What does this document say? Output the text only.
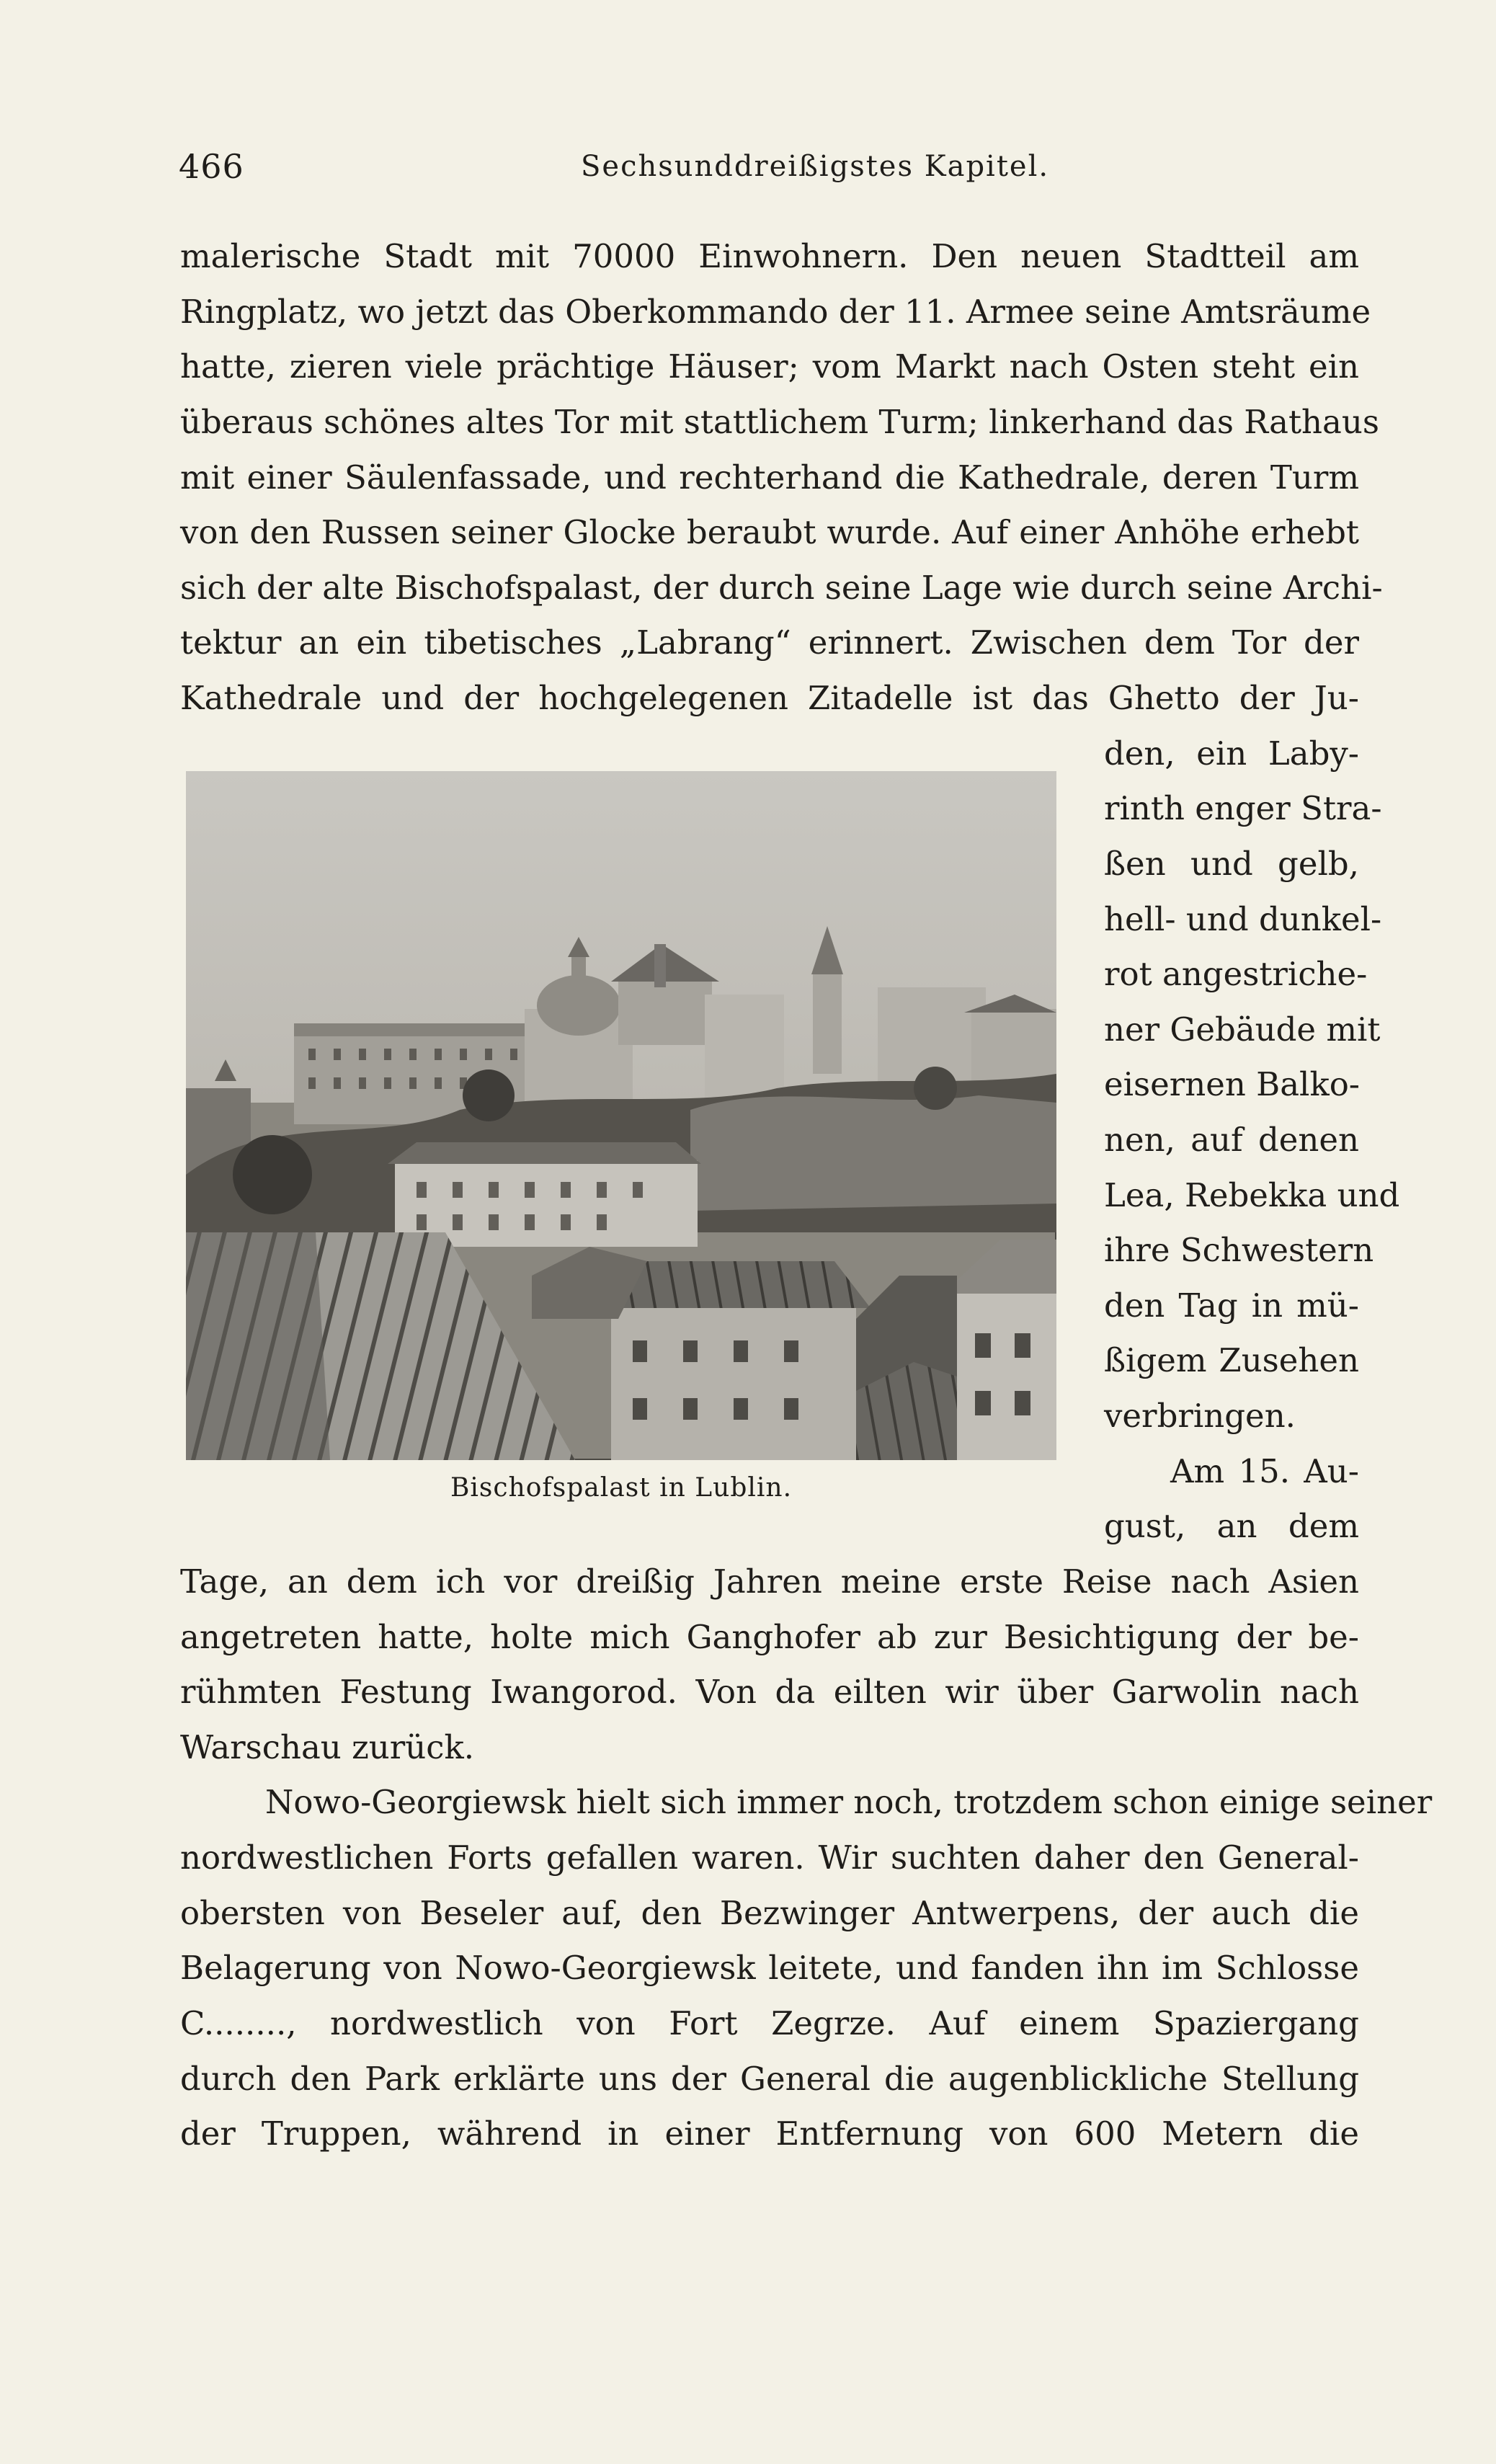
466	Sechsunddreißigstes Kapitel.
malerische Stadt mit 70000 Einwohnern. Den neuen Stadtteil am
Ringplatz, wo jetzt das Oberkommando der 11. Armee seine Amtsräume
hatte, zieren viele prächtige Häuser; vom Markt nach Osten steht ein
überaus schönes altes Tor mit stattlichem Turm; linkerhand das Rathaus
mit einer Säulenfassade, und rechterhand die Kathedrale, deren Turm
von den Russen seiner Glocke beraubt wurde. Auf einer Anhöhe erhebt
sich der alte Bischofspalast, der durch seine Lage wie durch seine Archi-
tektur an ein tibetisches „Labrang“ erinnert. Zwischen dem Tor der
Kathedrale und der hochgelegenen Zitadelle ist das Ghetto der Ju-
den, ein Laby-
rinth enger Stra-
ßen und gelb,
hell- und dunkel-
rot angestriche-
ner Gebäude mit
eisernen Balko-
nen, auf denen
Lea, Rebekka und
ihre Schwestern
den Tag in mü-
ßigem Zusehen
verbringen.
Am 15. Au-
gust, an dem
Tage, an dem ich vor dreißig Jahren meine erste Reise nach Asien
angetreten hatte, holte mich Ganghofer ab zur Besichtigung der be-
rühmten Festung Iwangorod. Von da eilten wir über Garwolin nach
Warschau zurück.
Nowo-Georgiewsk hielt sich immer noch, trotzdem schon einige seiner
nordwestlichen Forts gefallen waren. Wir suchten daher den General-
obersten von Beseler auf, den Bezwinger Antwerpens, der auch die
Belagerung von Nowo-Georgiewsk leitete, und fanden ihn im Schlosse
C........, nordwestlich von Fort Zegrze. Auf einem Spaziergang
durch den Park erklärte uns der General die augenblickliche Stellung
der Truppen, während in einer Entfernung von 600 Metern die
Bischofspalast in Lublin.
